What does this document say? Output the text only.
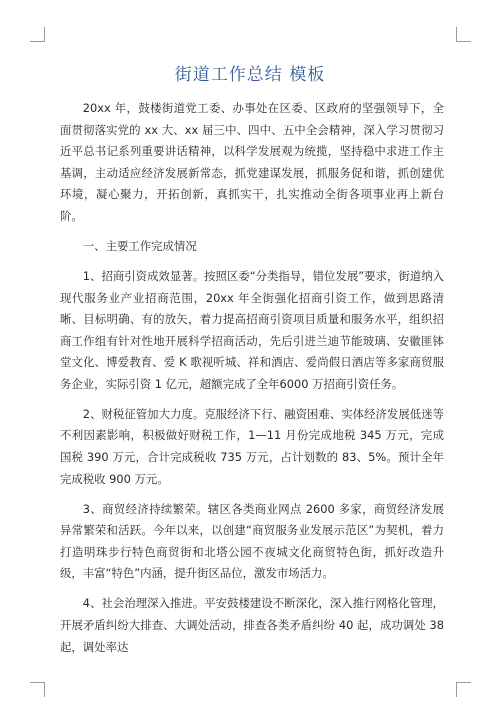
街道工作总结 模板

20xx 年，鼓楼街道党工委、办事处在区委、区政府的坚强领导下，全面贯彻落实党的 xx 大、xx 届三中、四中、五中全会精神，深入学习贯彻习近平总书记系列重要讲话精神，以科学发展观为统揽，坚持稳中求进工作主基调，主动适应经济发展新常态，抓党建谋发展，抓服务促和谐，抓创建优环境，凝心聚力，开拓创新，真抓实干，扎实推动全街各项事业再上新台阶。

一、主要工作完成情况

1、招商引资成效显著。按照区委“分类指导，错位发展”要求，街道纳入现代服务业产业招商范围，20xx 年全街强化招商引资工作，做到思路清晰、目标明确、有的放矢，着力提高招商引资项目质量和服务水平，组织招商工作组有针对性地开展科学招商活动，先后引进兰迪节能玻璃、安徽匪钵堂文化、博爱教育、爱 K 歌视听城、祥和酒店、爱尚假日酒店等多家商贸服务企业，实际引资 1 亿元，超额完成了全年6000 万招商引资任务。

2、财税征管加大力度。克服经济下行、融资困难、实体经济发展低迷等不利因素影响，积极做好财税工作，1—11 月份完成地税 345 万元，完成国税 390 万元，合计完成税收 735 万元，占计划数的 83、5%。预计全年完成税收 900 万元。

3、商贸经济持续繁荣。辖区各类商业网点 2600 多家，商贸经济发展异常繁荣和活跃。今年以来，以创建“商贸服务业发展示范区”为契机，着力打造明珠步行特色商贸街和北塔公园不夜城文化商贸特色街，抓好改造升级，丰富“特色”内涵，提升街区品位，激发市场活力。

4、社会治理深入推进。平安鼓楼建设不断深化，深入推行网格化管理，开展矛盾纠纷大排查、大调处活动，排查各类矛盾纠纷 40 起，成功调处 38 起，调处率达
